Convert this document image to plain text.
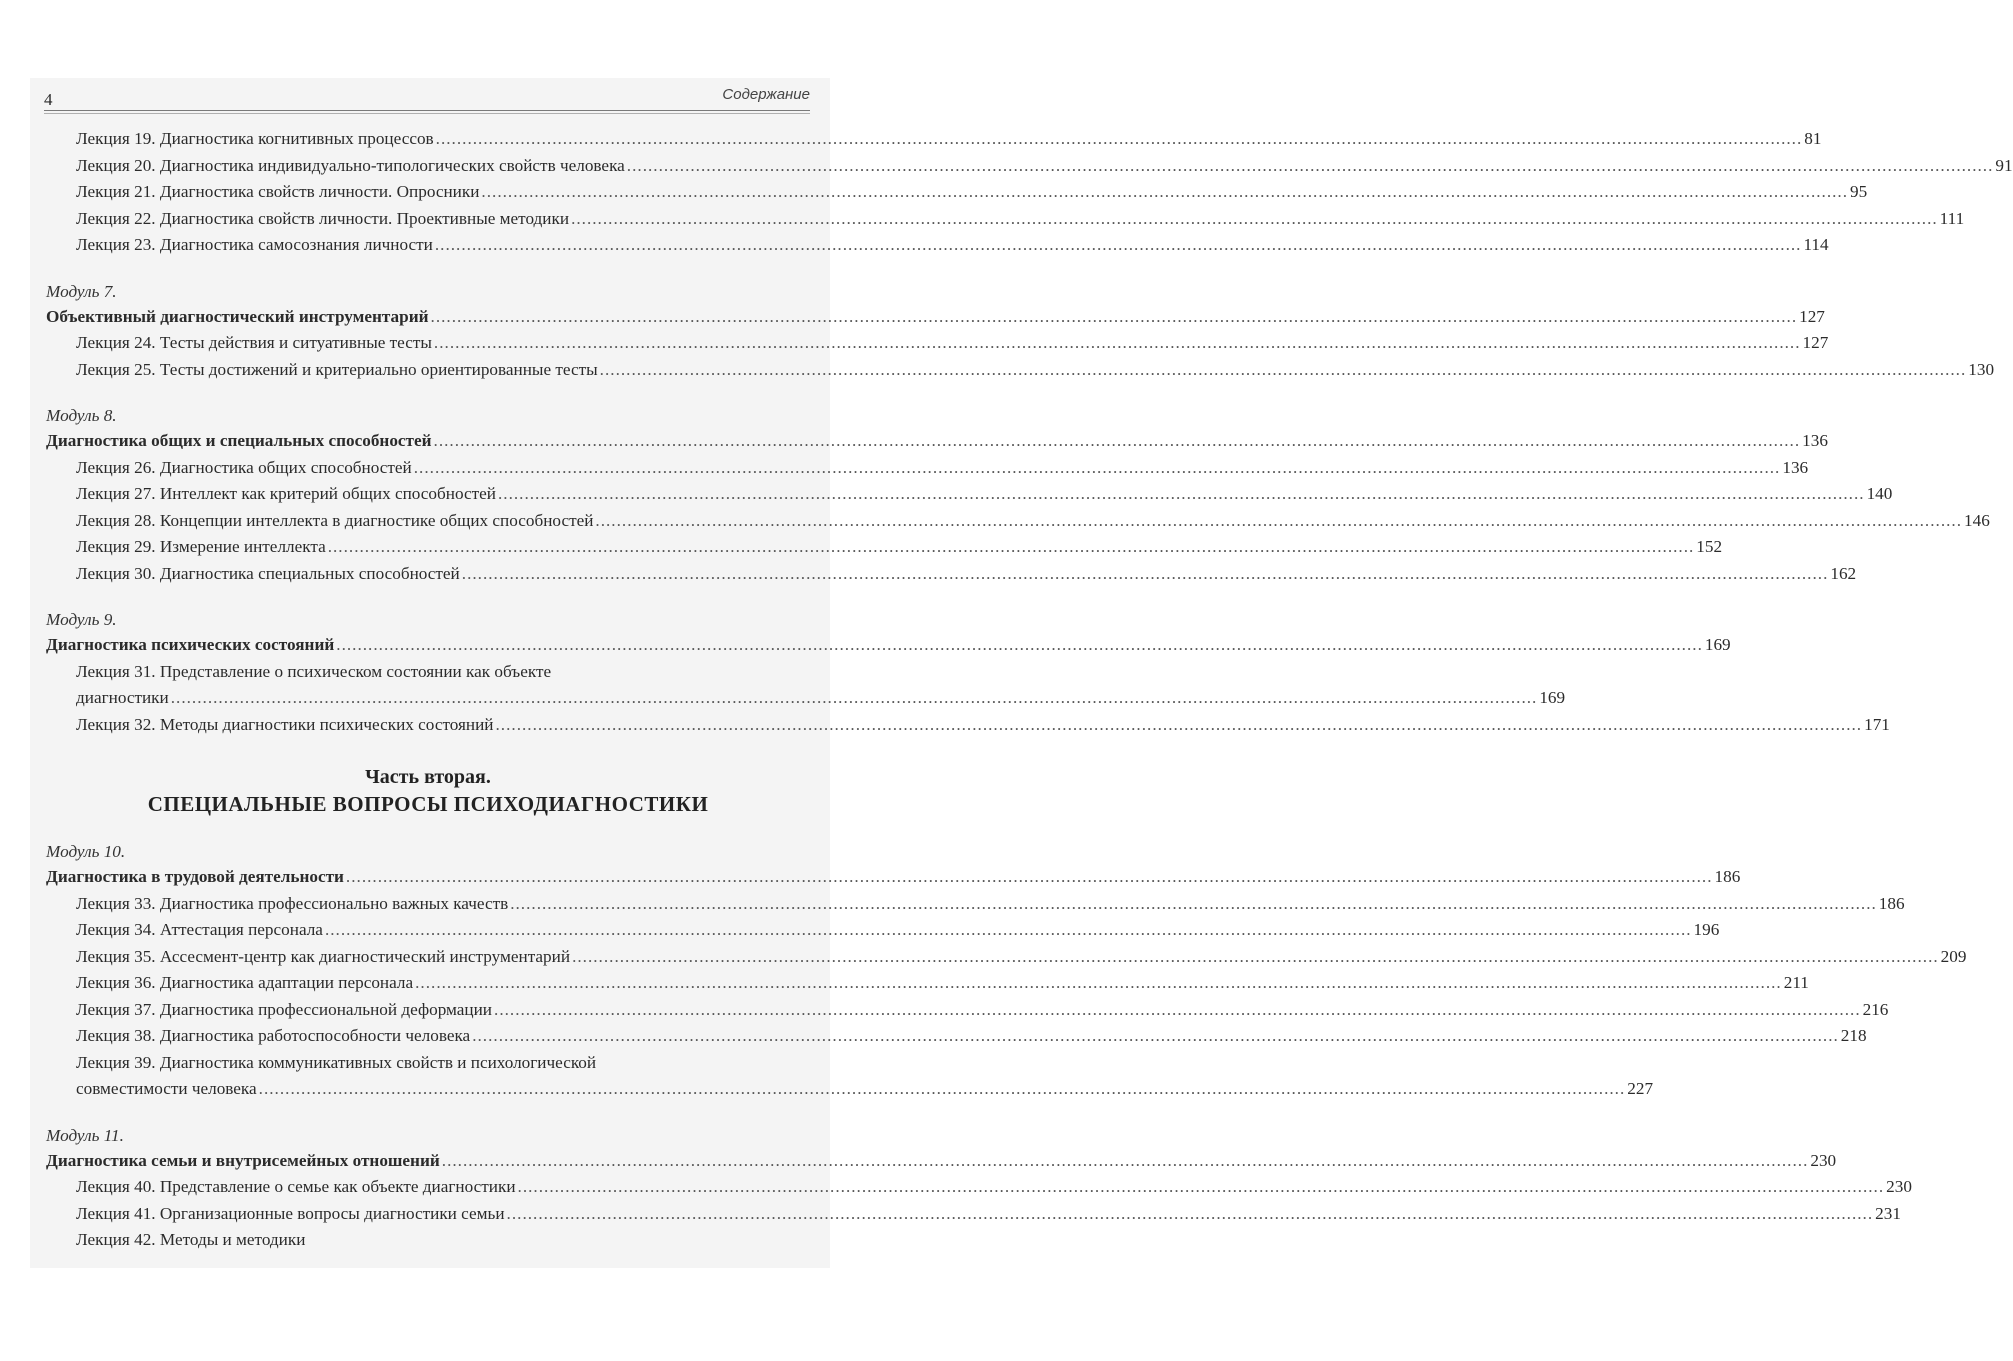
4	Содержание
Лекция 19. Диагностика когнитивных процессов .....	81
Лекция 20. Диагностика индивидуально-типологических свойств человека .....	91
Лекция 21. Диагностика свойств личности. Опросники .....	95
Лекция 22. Диагностика свойств личности. Проективные методики .....	111
Лекция 23. Диагностика самосознания личности .....	114
Модуль 7.
Объективный диагностический инструментарий .....	127
Лекция 24. Тесты действия и ситуативные тесты .....	127
Лекция 25. Тесты достижений и критериально ориентированные тесты .....	130
Модуль 8.
Диагностика общих и специальных способностей .....	136
Лекция 26. Диагностика общих способностей .....	136
Лекция 27. Интеллект как критерий общих способностей .....	140
Лекция 28. Концепции интеллекта в диагностике общих способностей .....	146
Лекция 29. Измерение интеллекта .....	152
Лекция 30. Диагностика специальных способностей .....	162
Модуль 9.
Диагностика психических состояний .....	169
Лекция 31. Представление о психическом состоянии как объекте
диагностики .....	169
Лекция 32. Методы диагностики психических состояний .....	171
Часть вторая.
СПЕЦИАЛЬНЫЕ ВОПРОСЫ ПСИХОДИАГНОСТИКИ
Модуль 10.
Диагностика в трудовой деятельности .....	186
Лекция 33. Диагностика профессионально важных качеств .....	186
Лекция 34. Аттестация персонала .....	196
Лекция 35. Ассесмент-центр как диагностический инструментарий .....	209
Лекция 36. Диагностика адаптации персонала .....	211
Лекция 37. Диагностика профессиональной деформации .....	216
Лекция 38. Диагностика работоспособности человека .....	218
Лекция 39. Диагностика коммуникативных свойств и психологической
совместимости человека .....	227
Модуль 11.
Диагностика семьи и внутрисемейных отношений .....	230
Лекция 40. Представление о семье как объекте диагностики .....	230
Лекция 41. Организационные вопросы диагностики семьи .....	231
Лекция 42. Методы и методики
